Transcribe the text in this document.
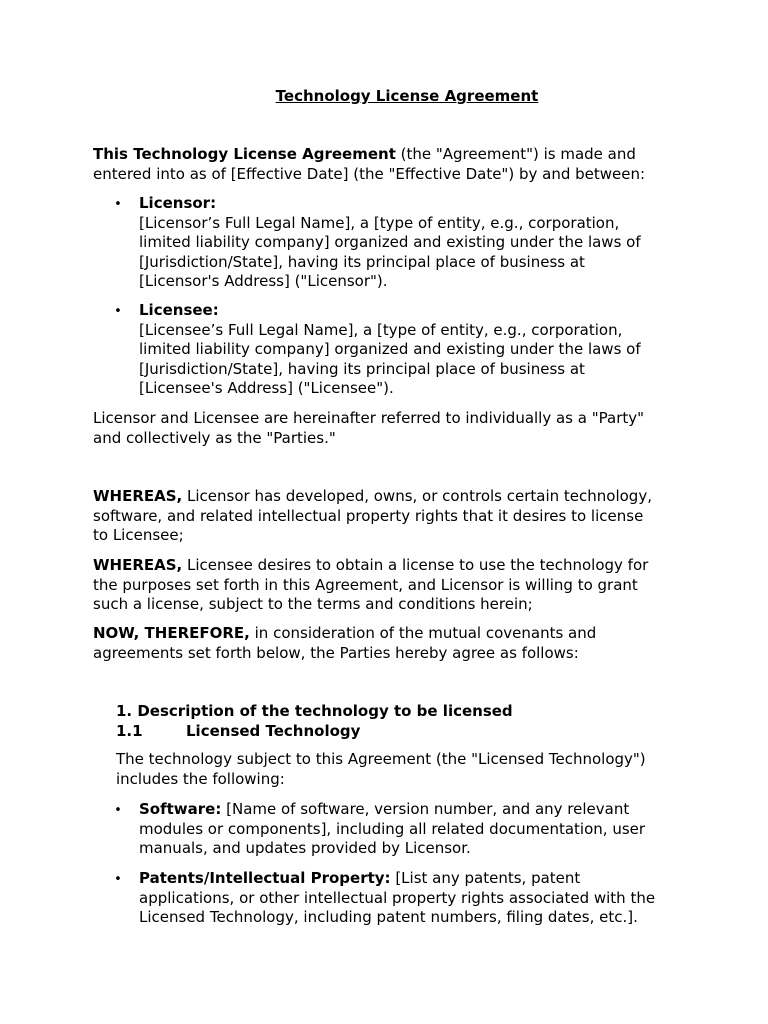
Technology License Agreement

This Technology License Agreement (the "Agreement") is made and
entered into as of [Effective Date] (the "Effective Date") by and between:

•

Licensor:
[Licensor’s Full Legal Name], a [type of entity, e.g., corporation,
limited liability company] organized and existing under the laws of
[Jurisdiction/State], having its principal place of business at
[Licensor's Address] ("Licensor").

•

Licensee:
[Licensee’s Full Legal Name], a [type of entity, e.g., corporation,
limited liability company] organized and existing under the laws of
[Jurisdiction/State], having its principal place of business at
[Licensee's Address] ("Licensee").

Licensor and Licensee are hereinafter referred to individually as a "Party"
and collectively as the "Parties."

WHEREAS, Licensor has developed, owns, or controls certain technology,
software, and related intellectual property rights that it desires to license
to Licensee;

WHEREAS, Licensee desires to obtain a license to use the technology for
the purposes set forth in this Agreement, and Licensor is willing to grant
such a license, subject to the terms and conditions herein;

NOW, THEREFORE, in consideration of the mutual covenants and
agreements set forth below, the Parties hereby agree as follows:

1. Description of the technology to be licensed
1.1	Licensed Technology

The technology subject to this Agreement (the "Licensed Technology")
includes the following:

•

Software: [Name of software, version number, and any relevant
modules or components], including all related documentation, user
manuals, and updates provided by Licensor.

•

Patents/Intellectual Property: [List any patents, patent
applications, or other intellectual property rights associated with the
Licensed Technology, including patent numbers, filing dates, etc.].
